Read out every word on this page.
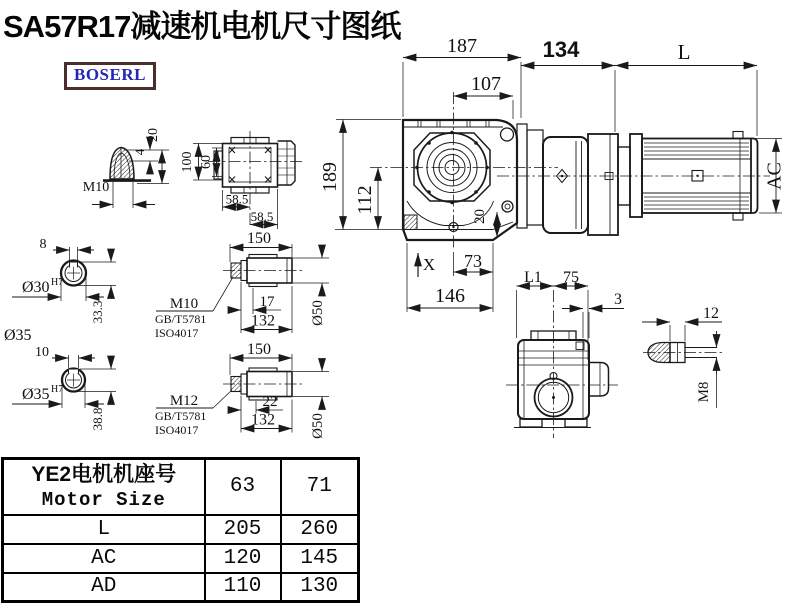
SA57R17减速机电机尺寸图纸
BOSERL
M10
4
20
100 60
58.5
58.5
8
Ø30 H7
33.3
Ø35
10
Ø35 H7
38.8
M10
GB/T5781
ISO4017
M12
GB/T5781
ISO4017
150
17
132 Ø50
150
22
132 Ø50
187
107
189
112
146
73
20
X
134	L
AC
L1 75
3
12
M8
YE2电机机座号
Motor Size	63	71
L	205	260
AC	120	145
AD	110	130
